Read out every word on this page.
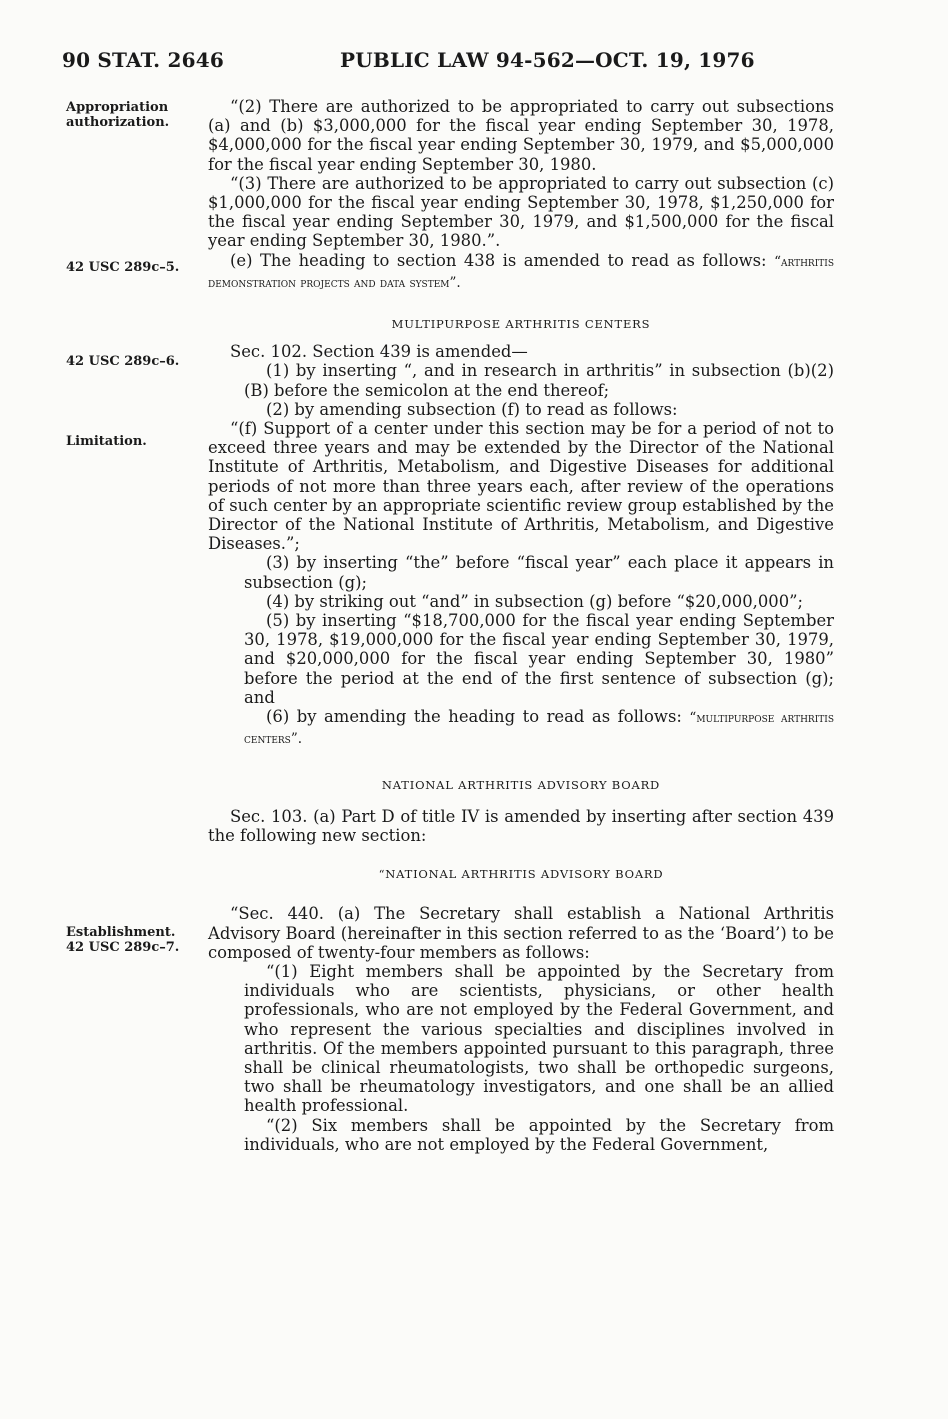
90 STAT. 2646	PUBLIC LAW 94-562—OCT. 19, 1976
Appropriation
authorization.
42 USC 289c–5.
42 USC 289c–6.
Limitation.
Establishment.
42 USC 289c–7.

“(2) There are authorized to be appropriated to carry out subsections (a) and (b) $3,000,000 for the fiscal year ending September 30, 1978, $4,000,000 for the fiscal year ending September 30, 1979, and $5,000,000 for the fiscal year ending September 30, 1980.

“(3) There are authorized to be appropriated to carry out subsection (c) $1,000,000 for the fiscal year ending September 30, 1978, $1,250,000 for the fiscal year ending September 30, 1979, and $1,500,000 for the fiscal year ending September 30, 1980.”.

(e) The heading to section 438 is amended to read as follows: “arthritis demonstration projects and data system”.

MULTIPURPOSE ARTHRITIS CENTERS

Sec. 102. Section 439 is amended—

(1) by inserting “, and in research in arthritis” in subsection (b)(2)(B) before the semicolon at the end thereof;

(2) by amending subsection (f) to read as follows:

“(f) Support of a center under this section may be for a period of not to exceed three years and may be extended by the Director of the National Institute of Arthritis, Metabolism, and Digestive Diseases for additional periods of not more than three years each, after review of the operations of such center by an appropriate scientific review group established by the Director of the National Institute of Arthritis, Metabolism, and Digestive Diseases.”;

(3) by inserting “the” before “fiscal year” each place it appears in subsection (g);

(4) by striking out “and” in subsection (g) before “$20,000,000”;

(5) by inserting “$18,700,000 for the fiscal year ending September 30, 1978, $19,000,000 for the fiscal year ending September 30, 1979, and $20,000,000 for the fiscal year ending September 30, 1980” before the period at the end of the first sentence of subsection (g); and

(6) by amending the heading to read as follows: “multipurpose arthritis centers”.

NATIONAL ARTHRITIS ADVISORY BOARD

Sec. 103. (a) Part D of title IV is amended by inserting after section 439 the following new section:

“NATIONAL ARTHRITIS ADVISORY BOARD

“Sec. 440. (a) The Secretary shall establish a National Arthritis Advisory Board (hereinafter in this section referred to as the ‘Board’) to be composed of twenty-four members as follows:

“(1) Eight members shall be appointed by the Secretary from individuals who are scientists, physicians, or other health professionals, who are not employed by the Federal Government, and who represent the various specialties and disciplines involved in arthritis. Of the members appointed pursuant to this paragraph, three shall be clinical rheumatologists, two shall be orthopedic surgeons, two shall be rheumatology investigators, and one shall be an allied health professional.

“(2) Six members shall be appointed by the Secretary from individuals, who are not employed by the Federal Government,
